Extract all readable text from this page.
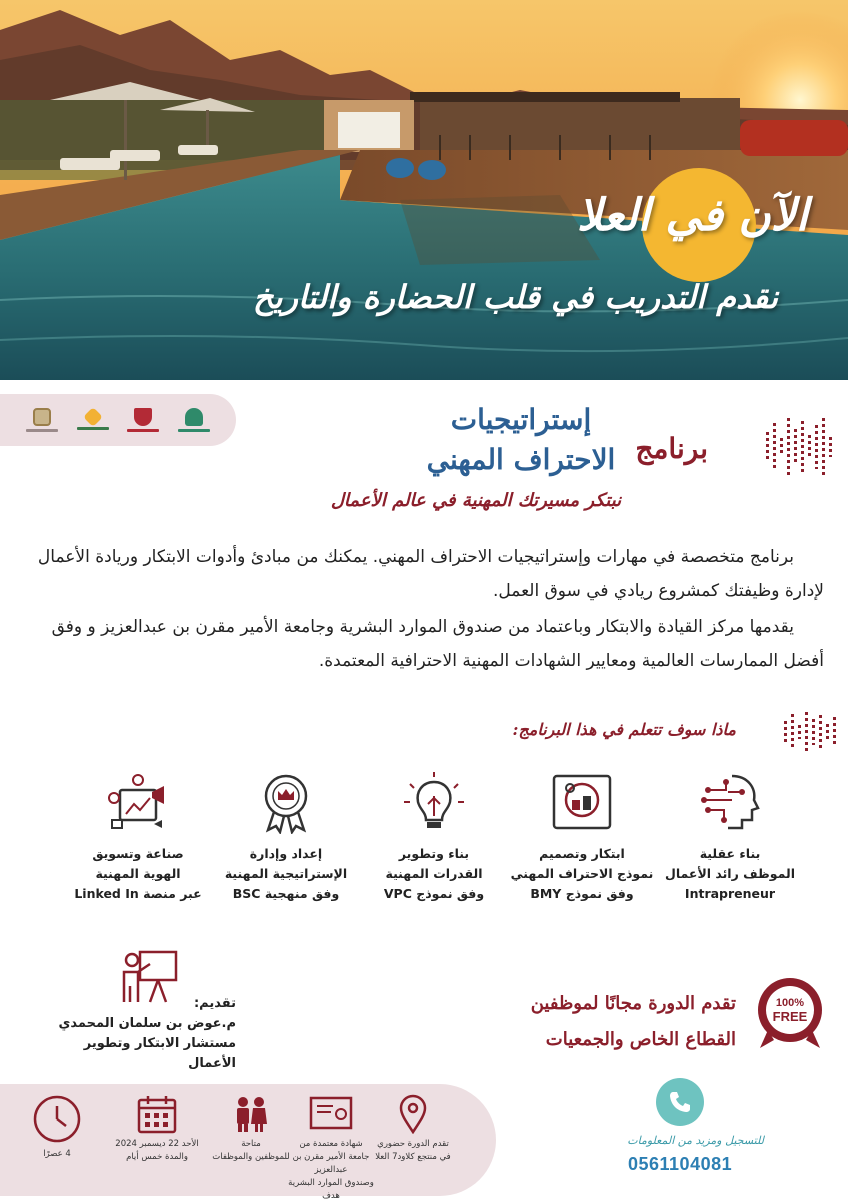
الآن في العلا
نقدم التدريب في قلب الحضارة والتاريخ
برنامج
إستراتيجيات
الاحتراف المهني
نبتكر مسيرتك المهنية في عالم الأعمال

برنامج متخصصة في مهارات وإستراتيجيات الاحتراف المهني. يمكنك من مبادئ وأدوات الابتكار وريادة الأعمال لإدارة وظيفتك كمشروع ريادي في سوق العمل.

يقدمها مركز القيادة والابتكار وباعتماد من صندوق الموارد البشرية وجامعة الأمير مقرن بن عبدالعزيز و وفق أفضل الممارسات العالمية ومعايير الشهادات المهنية الاحترافية المعتمدة.

ماذا سوف تتعلم في هذا البرنامج:
بناء عقلية
الموظف رائد الأعمال
Intrapreneur
ابتكار وتصميم
نموذج الاحتراف المهني
وفق نموذج BMY
بناء وتطوير
القدرات المهنية
وفق نموذج VPC
إعداد وإدارة
الإستراتيجية المهنية
وفق منهجية BSC
صناعة وتسويق
الهوية المهنية
عبر منصة Linked In
تقديم:
م.عوض بن سلمان المحمدي
مستشار الابتكار وتطوير الأعمال
100%
FREE
تقدم الدورة مجانًا لموظفين
القطاع الخاص والجمعيات
تقدم الدورة حضوري
في منتجع كلاود7 العلا
شهادة معتمدة من
جامعة الأمير مقرن بن عبدالعزيز
وصندوق الموارد البشرية هدف
متاحة
للموظفين والموظفات
الأحد 22 ديسمبر 2024
والمدة خمس أيام
4 عصرًا
للتسجيل ومزيد من المعلومات
0561104081
